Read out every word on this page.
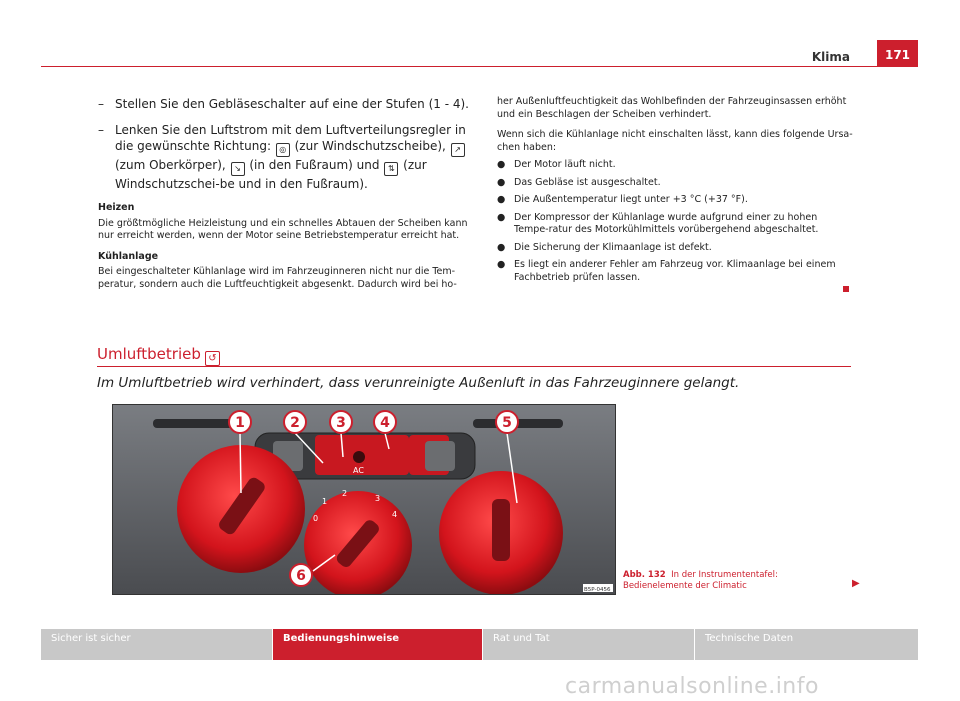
Klima	171
– Stellen Sie den Gebläseschalter auf eine der Stufen (1 - 4).
– Lenken Sie den Luftstrom mit dem Luftverteilungsregler in die gewünschte Richtung: ◎ (zur Windschutzscheibe), ↗ (zum Oberkörper), ↘ (in den Fußraum) und ⇅ (zur Windschutzschei-be und in den Fußraum).
Heizen
Die größtmögliche Heizleistung und ein schnelles Abtauen der Scheiben kann nur erreicht werden, wenn der Motor seine Betriebstemperatur erreicht hat.
Kühlanlage
Bei eingeschalteter Kühlanlage wird im Fahrzeuginneren nicht nur die Tem-peratur, sondern auch die Luftfeuchtigkeit abgesenkt. Dadurch wird bei ho-
her Außenluftfeuchtigkeit das Wohlbefinden der Fahrzeuginsassen erhöht und ein Beschlagen der Scheiben verhindert.
Wenn sich die Kühlanlage nicht einschalten lässt, kann dies folgende Ursa-chen haben:
● Der Motor läuft nicht.
● Das Gebläse ist ausgeschaltet.
● Die Außentemperatur liegt unter +3 °C (+37 °F).
● Der Kompressor der Kühlanlage wurde aufgrund einer zu hohen Tempe-ratur des Motorkühlmittels vorübergehend abgeschaltet.
● Die Sicherung der Klimaanlage ist defekt.
● Es liegt ein anderer Fehler am Fahrzeug vor. Klimaanlage bei einem Fachbetrieb prüfen lassen.
Umluftbetrieb ↺
Im Umluftbetrieb wird verhindert, dass verunreinigte Außenluft in das Fahrzeuginnere gelangt.
AC
0
1
2
3
4
1	2	3 4	5
6
B5P-0456
Abb. 132 In der Instrumententafel: Bedienelemente der Climatic	▶
Sicher ist sicher	Bedienungshinweise	Rat und Tat	Technische Daten
carmanualsonline.info
